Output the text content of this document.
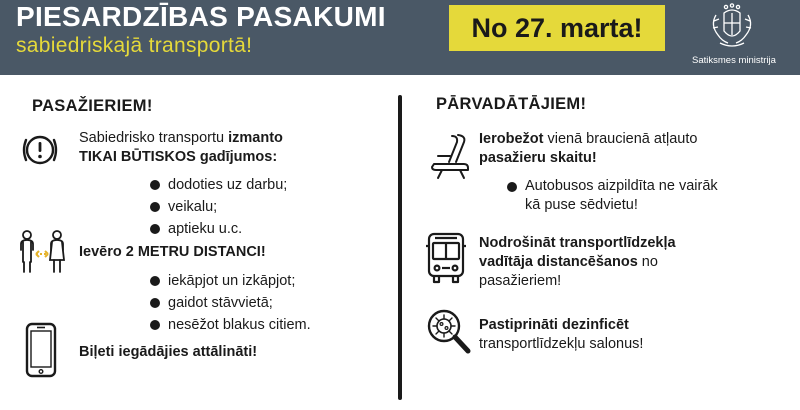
PIESARDZĪBAS PASAKUMI
sabiedriskajā transportā!
No 27. marta!
Satiksmes ministrija
PASAŽIERIEM!
Sabiedrisko transportu izmanto
TIKAI BŪTISKOS gadījumos:
dodoties uz darbu;
veikalu;
aptieku u.c.
Ievēro 2 METRU DISTANCI!
iekāpjot un izkāpjot;
gaidot stāvvietā;
nesēžot blakus citiem.
Biļeti iegādājies attālināti!
PĀRVADĀTĀJIEM!
Ierobežot vienā braucienā atļauto
pasažieru skaitu!
Autobusos aizpildīta ne vairāk
kā puse sēdvietu!
Nodrošināt transportlīdzekļa
vadītāja distancēšanos no
pasažieriem!
Pastiprināti dezinficēt
transportlīdzekļu salonus!
